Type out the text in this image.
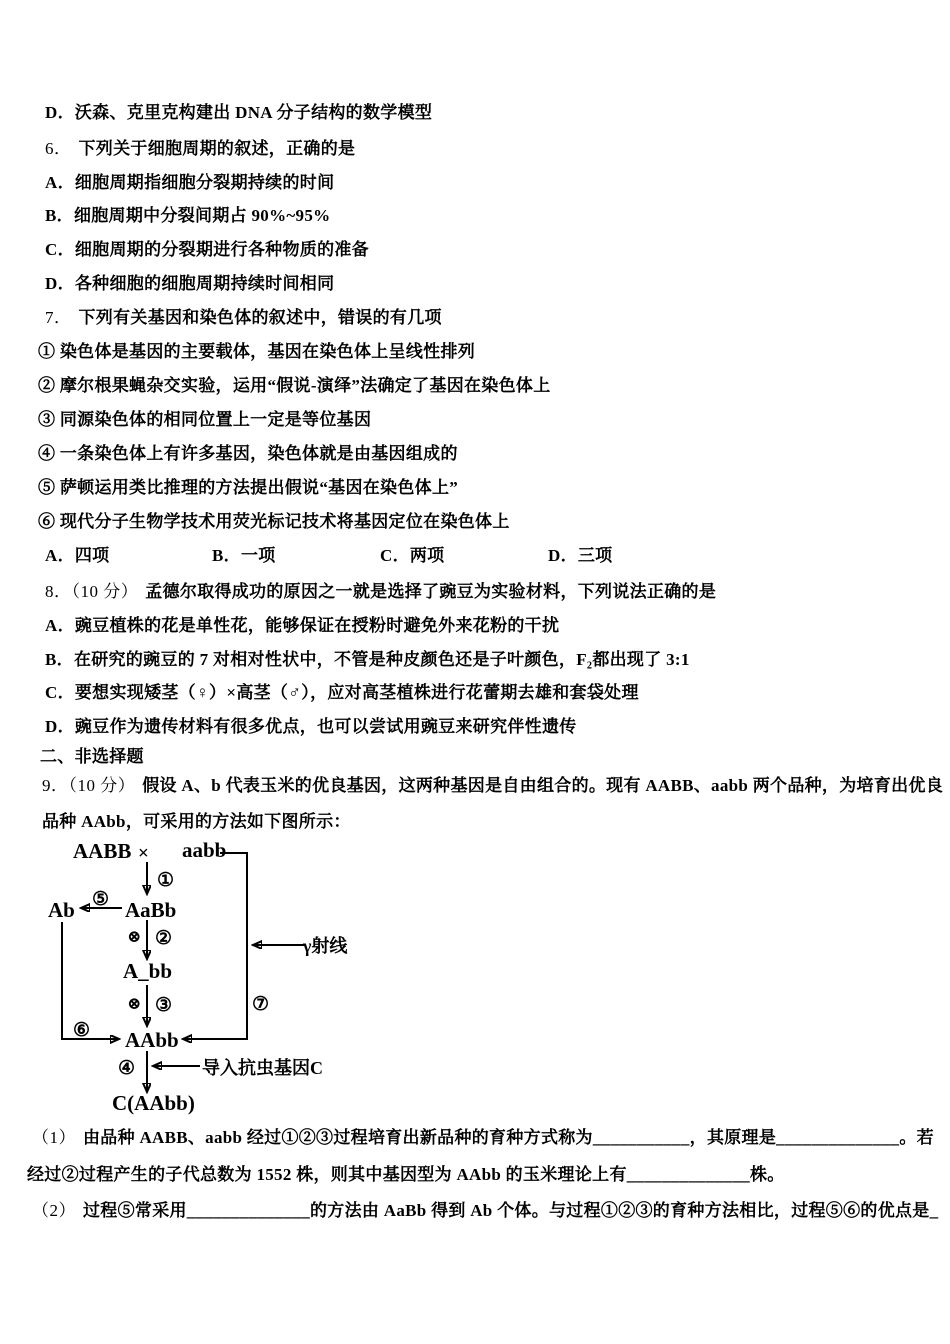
D．沃森、克里克构建出 DNA 分子结构的数学模型
6． 下列关于细胞周期的叙述，正确的是
A．细胞周期指细胞分裂期持续的时间
B．细胞周期中分裂间期占 90%~95%
C．细胞周期的分裂期进行各种物质的准备
D．各种细胞的细胞周期持续时间相同
7． 下列有关基因和染色体的叙述中，错误的有几项
① 染色体是基因的主要载体，基因在染色体上呈线性排列
② 摩尔根果蝇杂交实验，运用“假说-演绎”法确定了基因在染色体上
③ 同源染色体的相同位置上一定是等位基因
④ 一条染色体上有许多基因，染色体就是由基因组成的
⑤ 萨顿运用类比推理的方法提出假说“基因在染色体上”
⑥ 现代分子生物学技术用荧光标记技术将基因定位在染色体上
A．四项	B．一项	C．两项	D．三项
8．（10 分） 孟德尔取得成功的原因之一就是选择了豌豆为实验材料，下列说法正确的是
A．豌豆植株的花是单性花，能够保证在授粉时避免外来花粉的干扰
B．在研究的豌豆的 7 对相对性状中，不管是种皮颜色还是子叶颜色，F₂都出现了 3:1
C．要想实现矮茎（♀）×高茎（♂），应对高茎植株进行花蕾期去雄和套袋处理
D．豌豆作为遗传材料有很多优点，也可以尝试用豌豆来研究伴性遗传
二、非选择题
9．（10 分） 假设 A、b 代表玉米的优良基因，这两种基因是自由组合的。现有 AABB、aabb 两个品种，为培育出优良
品种 AAbb，可采用的方法如下图所示：
AABB × aabb
①
⑤
Ab AaBb
⊗ ②	γ射线
A_bb
⊗ ③	⑦
⑥ AAbb
④	导入抗虫基因C
C(AAbb)
（1） 由品种 AABB、aabb 经过①②③过程培育出新品种的育种方式称为___________，其原理是______________。若
经过②过程产生的子代总数为 1552 株，则其中基因型为 AAbb 的玉米理论上有______________株。
（2） 过程⑤常采用______________的方法由 AaBb 得到 Ab 个体。与过程①②③的育种方法相比，过程⑤⑥的优点是_
